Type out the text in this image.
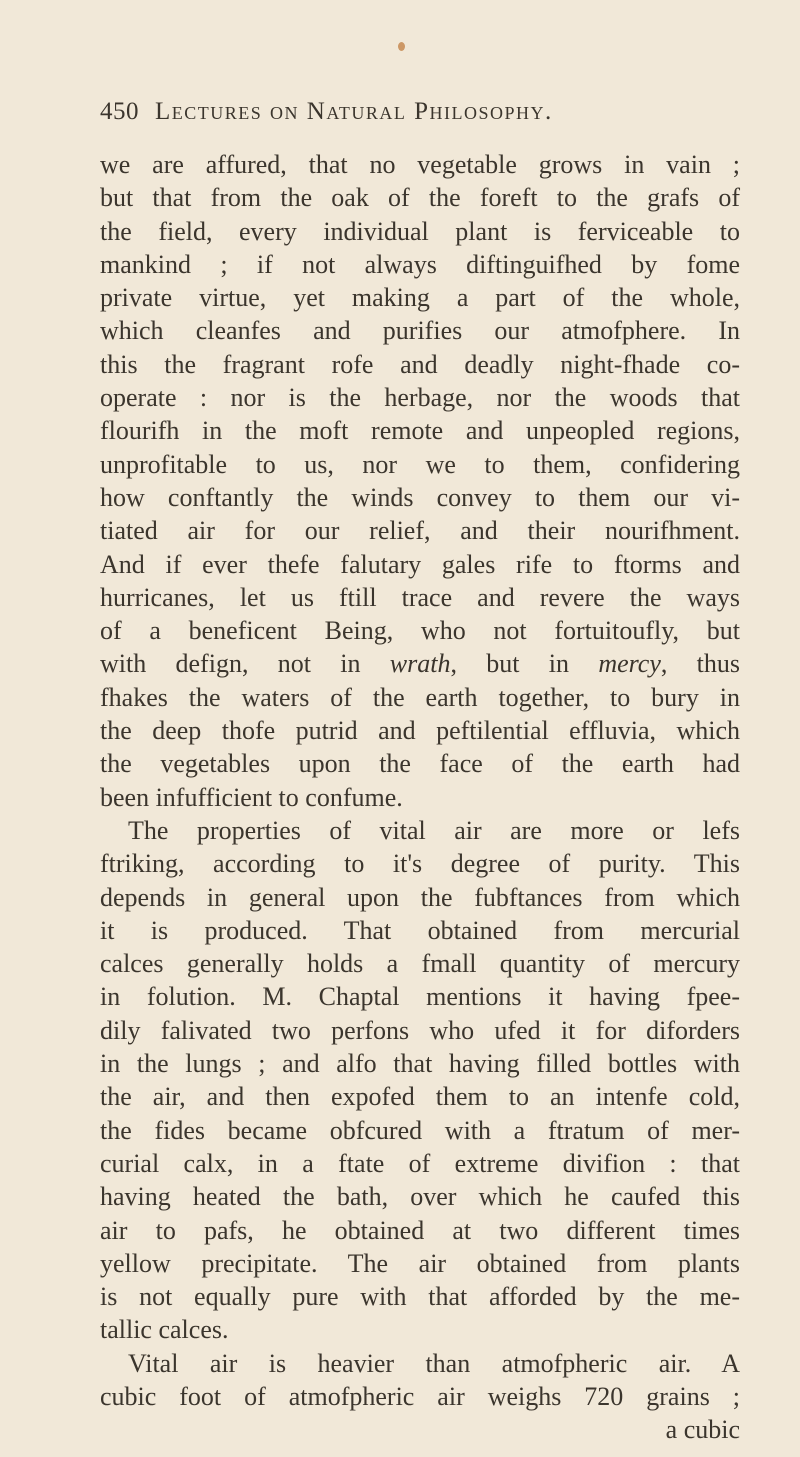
450 Lectures on Natural Philosophy.
we are affured, that no vegetable grows in vain ;
but that from the oak of the foreft to the grafs of
the field, every individual plant is ferviceable to
mankind ; if not always diftinguifhed by fome
private virtue, yet making a part of the whole,
which cleanfes and purifies our atmofphere. In
this the fragrant rofe and deadly night-fhade co-
operate : nor is the herbage, nor the woods that
flourifh in the moft remote and unpeopled regions,
unprofitable to us, nor we to them, confidering
how conftantly the winds convey to them our vi-
tiated air for our relief, and their nourifhment.
And if ever thefe falutary gales rife to ftorms and
hurricanes, let us ftill trace and revere the ways
of a beneficent Being, who not fortuitoufly, but
with defign, not in wrath, but in mercy, thus
fhakes the waters of the earth together, to bury in
the deep thofe putrid and peftilential effluvia, which
the vegetables upon the face of the earth had
been infufficient to confume.
The properties of vital air are more or lefs
ftriking, according to it's degree of purity. This
depends in general upon the fubftances from which
it is produced. That obtained from mercurial
calces generally holds a fmall quantity of mercury
in folution. M. Chaptal mentions it having fpee-
dily falivated two perfons who ufed it for diforders
in the lungs ; and alfo that having filled bottles with
the air, and then expofed them to an intenfe cold,
the fides became obfcured with a ftratum of mer-
curial calx, in a ftate of extreme divifion : that
having heated the bath, over which he caufed this
air to pafs, he obtained at two different times
yellow precipitate. The air obtained from plants
is not equally pure with that afforded by the me-
tallic calces.
Vital air is heavier than atmofpheric air. A
cubic foot of atmofpheric air weighs 720 grains ;
a cubic
